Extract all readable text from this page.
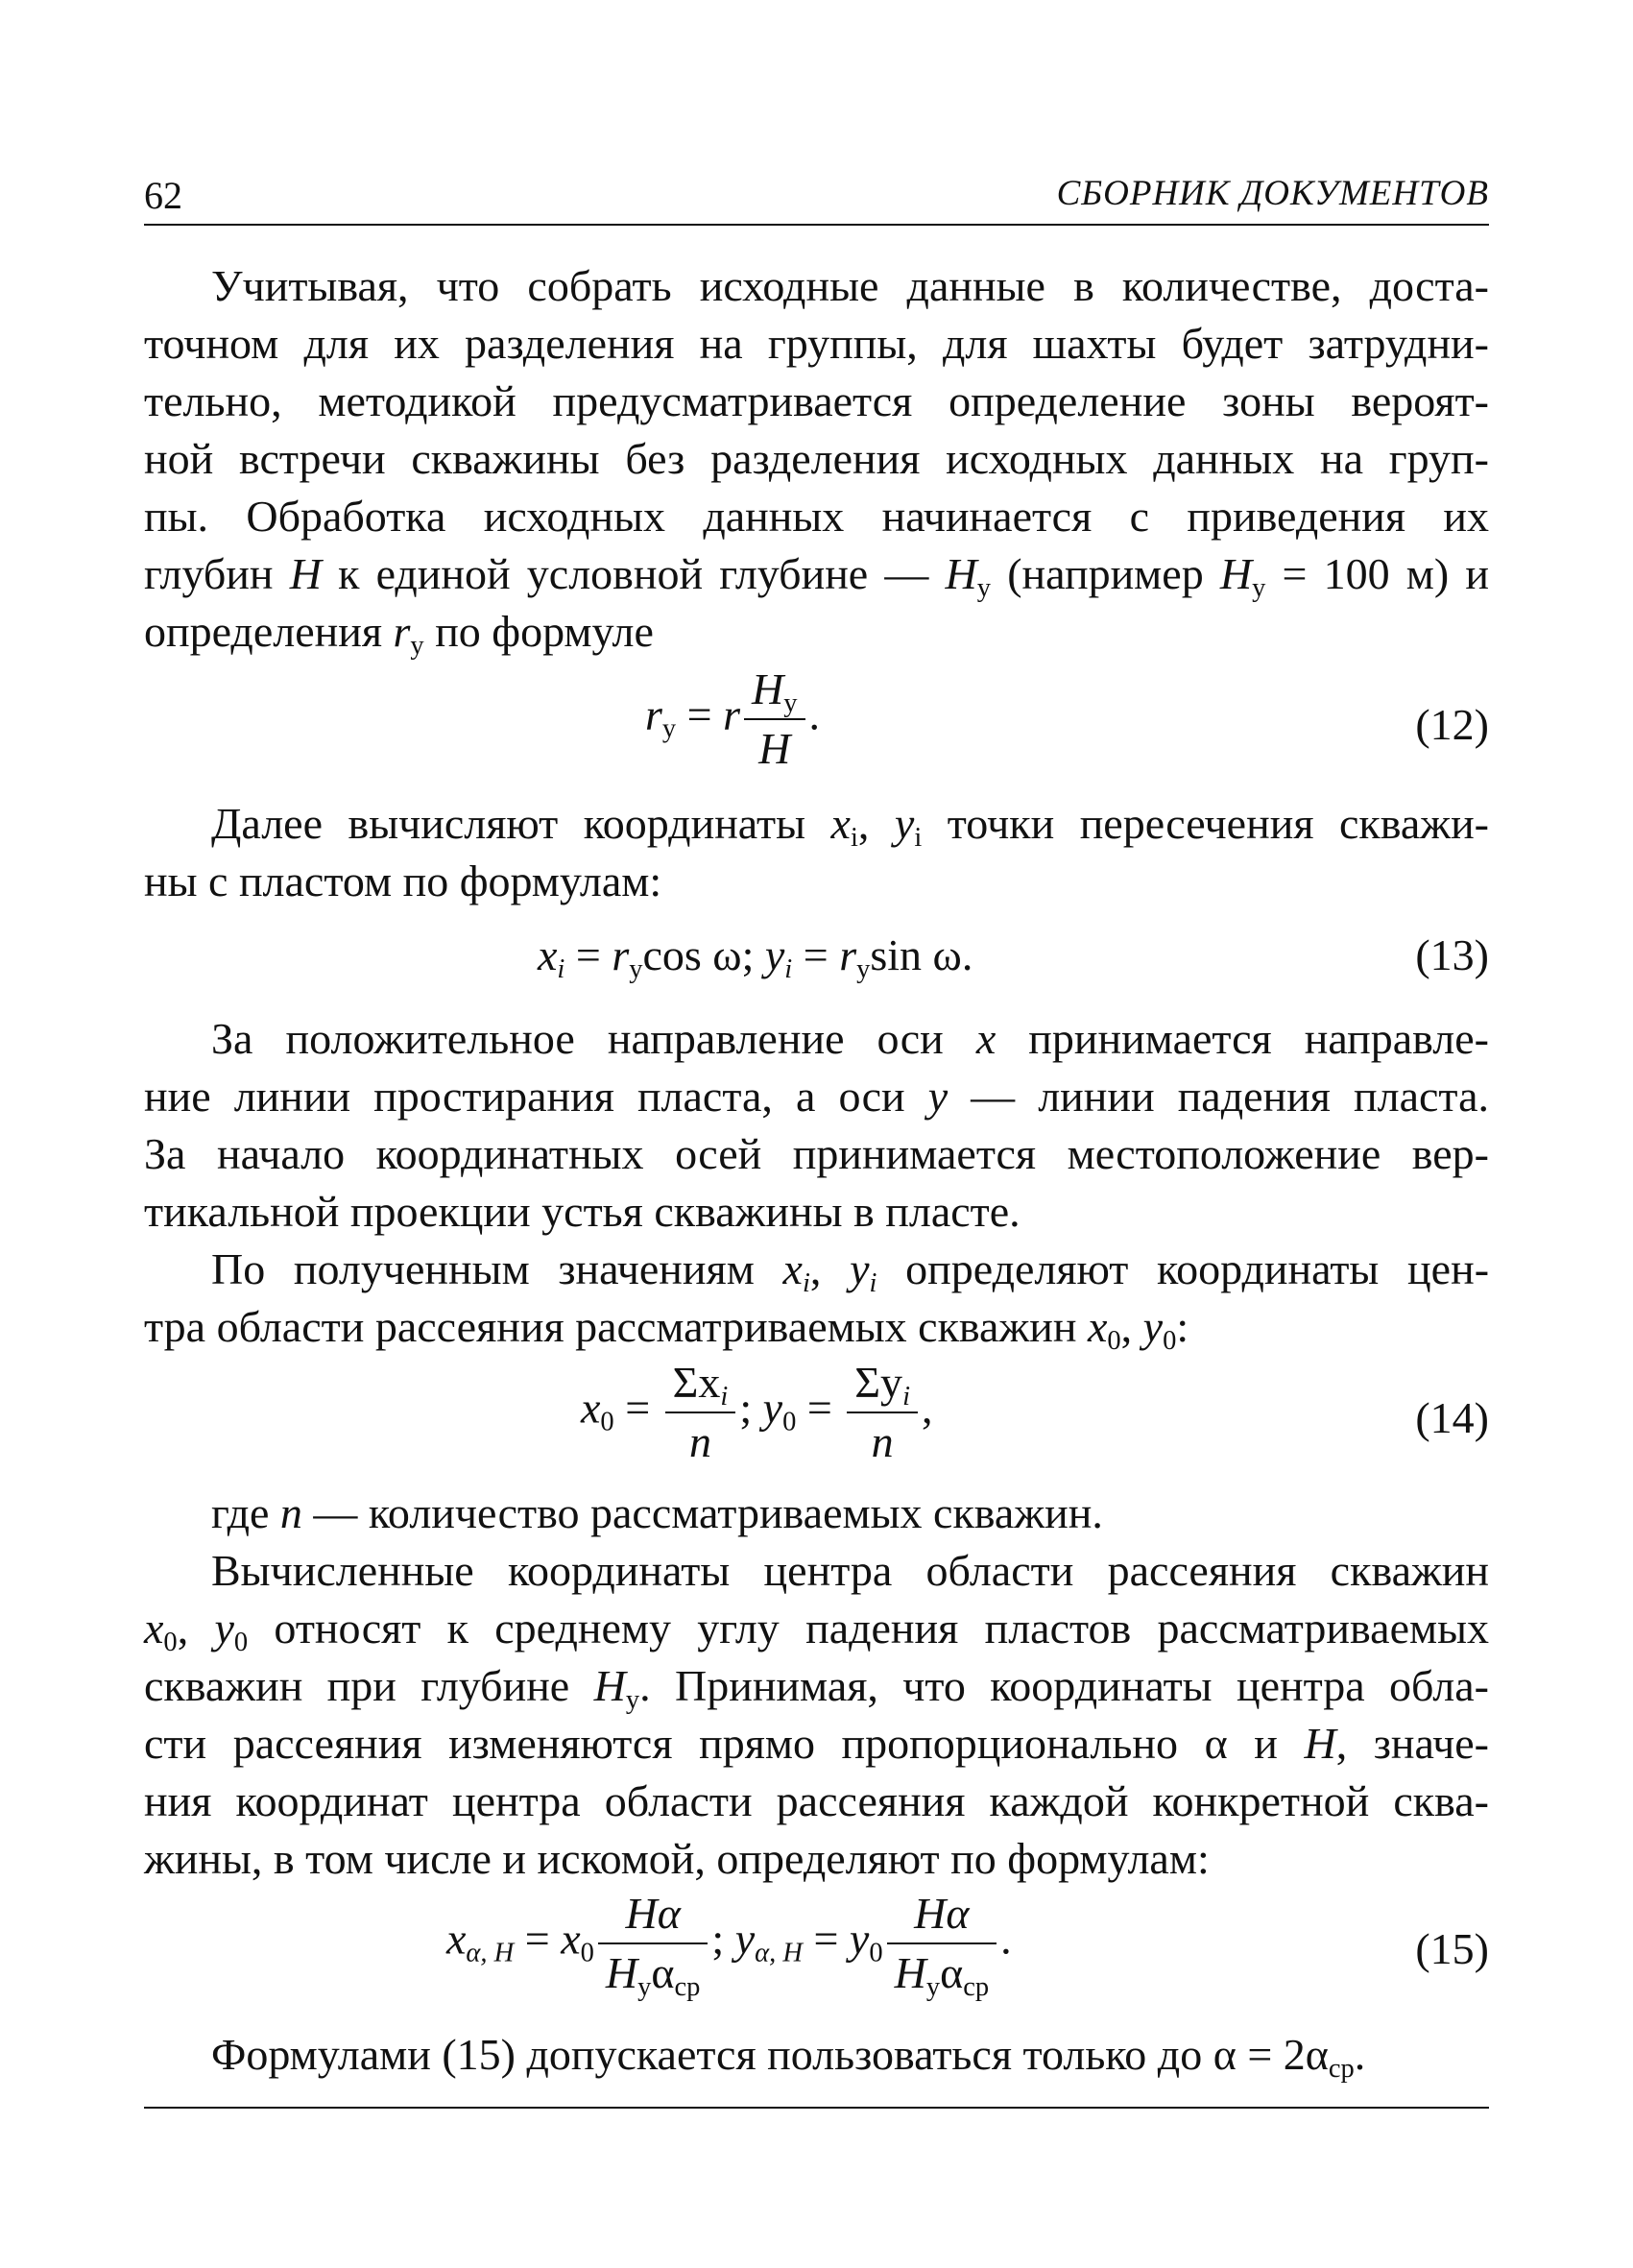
62	СБОРНИК ДОКУМЕНТОВ
Учитывая, что собрать исходные данные в количестве, доста-
точном для их разделения на группы, для шахты будет затрудни-
тельно, методикой предусматривается определение зоны вероят-
ной встречи скважины без разделения исходных данных на груп-
пы. Обработка исходных данных начинается с приведения их
глубин H к единой условной глубине — $H_у$ (например $H_у = 100$ м) и
определения $r_у$ по формуле
$r_у = r \frac{H_у}{H}$ .	(12)
Далее вычисляют координаты $x_i$, $y_i$ точки пересечения скважи-
ны с пластом по формулам:
$x_i = r_у\cos$ ω; $y_i = r_у\sin$ ω.	(13)
За положительное направление оси x принимается направле-
ние линии простирания пласта, а оси y — линии падения пласта.
За начало координатных осей принимается местоположение вер-
тикальной проекции устья скважины в пласте.
По полученным значениям $x_i$, $y_i$ определяют координаты цен-
тра области рассеяния рассматриваемых скважин $x_0$, $y_0$:
$x_0 = \frac{\Sigma x_i}{n}$ ; $y_0 = \frac{\Sigma y_i}{n}$ ,	(14)
где n — количество рассматриваемых скважин.
Вычисленные координаты центра области рассеяния скважин
$x_0$, $y_0$ относят к среднему углу падения пластов рассматриваемых
скважин при глубине $H_у$. Принимая, что координаты центра обла-
сти рассеяния изменяются прямо пропорционально α и H, значе-
ния координат центра области рассеяния каждой конкретной сква-
жины, в том числе и искомой, определяют по формулам:
$x_{\alpha, H} = x_0 \frac{H\alpha}{H_у\alpha_{ср}}$ ; $y_{\alpha, H} = y_0 \frac{H\alpha}{H_у\alpha_{ср}}$ .	(15)
Формулами (15) допускается пользоваться только до $\alpha = 2\alpha_{ср}$.
